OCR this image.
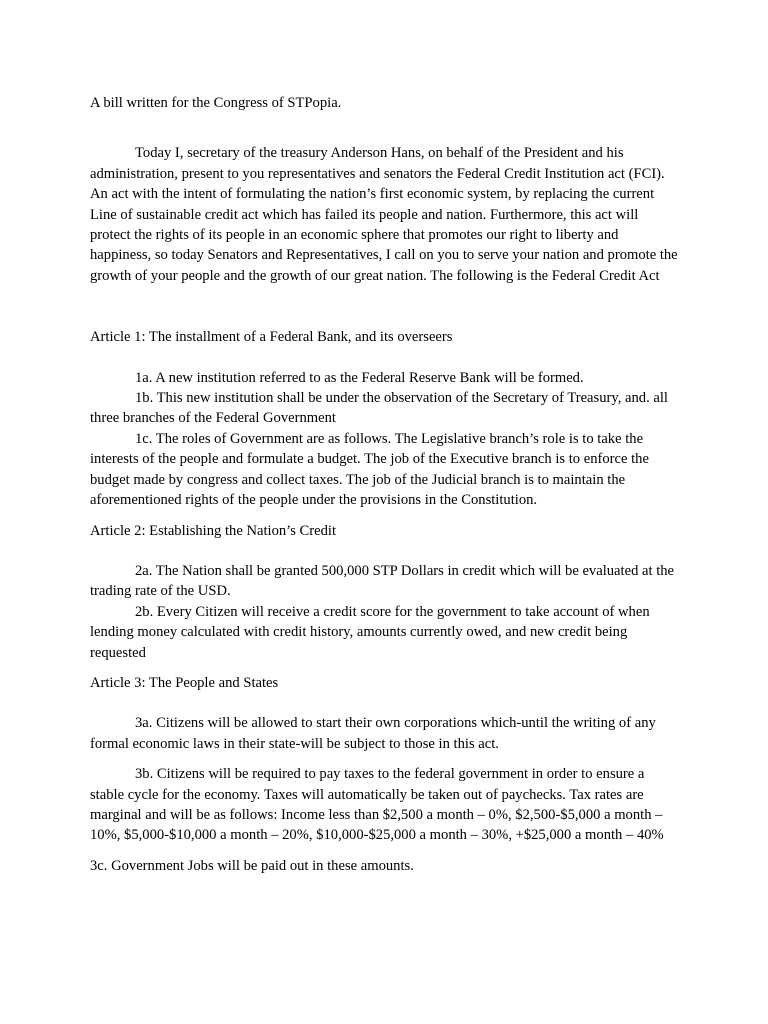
A bill written for the Congress of STPopia.

Today I, secretary of the treasury Anderson Hans, on behalf of the President and his administration, present to you representatives and senators the Federal Credit Institution act (FCI). An act with the intent of formulating the nation’s first economic system, by replacing the current Line of sustainable credit act which has failed its people and nation. Furthermore, this act will protect the rights of its people in an economic sphere that promotes our right to liberty and happiness, so today Senators and Representatives, I call on you to serve your nation and promote the growth of your people and the growth of our great nation. The following is the Federal Credit Act

Article 1: The installment of a Federal Bank, and its overseers

1a. A new institution referred to as the Federal Reserve Bank will be formed.

1b. This new institution shall be under the observation of the Secretary of Treasury, and. all three branches of the Federal Government

1c. The roles of Government are as follows. The Legislative branch’s role is to take the interests of the people and formulate a budget. The job of the Executive branch is to enforce the budget made by congress and collect taxes. The job of the Judicial branch is to maintain the aforementioned rights of the people under the provisions in the Constitution.

Article 2: Establishing the Nation’s Credit

2a. The Nation shall be granted 500,000 STP Dollars in credit which will be evaluated at the trading rate of the USD.

2b. Every Citizen will receive a credit score for the government to take account of when lending money calculated with credit history, amounts currently owed, and new credit being requested

Article 3: The People and States

3a. Citizens will be allowed to start their own corporations which-until the writing of any formal economic laws in their state-will be subject to those in this act.

3b. Citizens will be required to pay taxes to the federal government in order to ensure a stable cycle for the economy. Taxes will automatically be taken out of paychecks. Tax rates are marginal and will be as follows: Income less than $2,500 a month – 0%, $2,500-$5,000 a month – 10%, $5,000-$10,000 a month – 20%, $10,000-$25,000 a month – 30%, +$25,000 a month – 40%

3c. Government Jobs will be paid out in these amounts.
